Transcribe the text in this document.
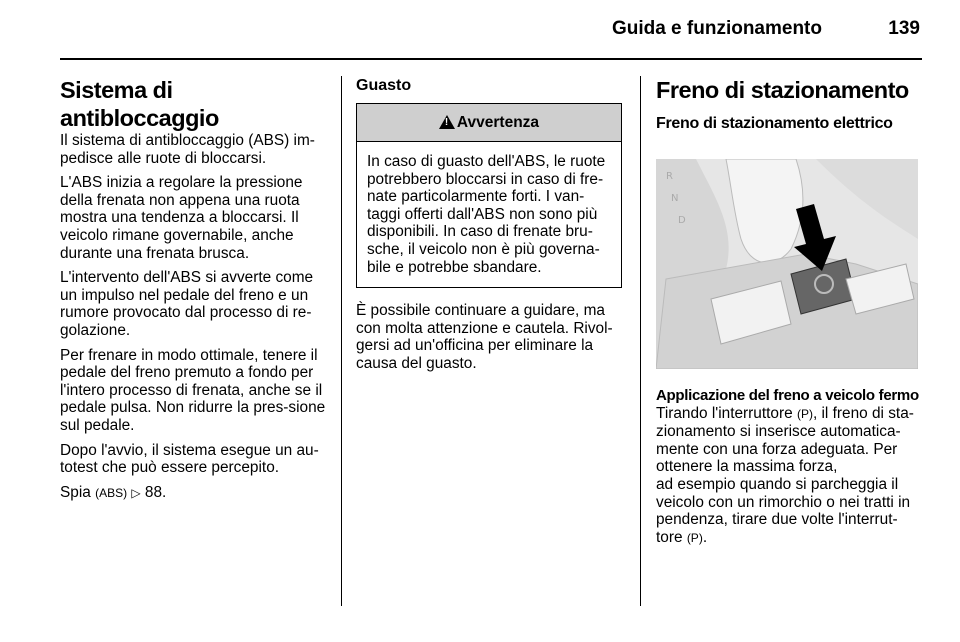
Guida e funzionamento	139
Sistema di antibloccaggio

Il sistema di antibloccaggio (ABS) im-pedisce alle ruote di bloccarsi.

L'ABS inizia a regolare la pressione della frenata non appena una ruota mostra una tendenza a bloccarsi. Il veicolo rimane governabile, anche durante una frenata brusca.

L'intervento dell'ABS si avverte come un impulso nel pedale del freno e un rumore provocato dal processo di re-golazione.

Per frenare in modo ottimale, tenere il pedale del freno premuto a fondo per l'intero processo di frenata, anche se il pedale pulsa. Non ridurre la pres-sione sul pedale.

Dopo l'avvio, il sistema esegue un au-totest che può essere percepito.

Spia (ABS) ▷ 88.

Guasto
!
Avvertenza
In caso di guasto dell'ABS, le ruote potrebbero bloccarsi in caso di fre-nate particolarmente forti. I van-taggi offerti dall'ABS non sono più disponibili. In caso di frenate bru-sche, il veicolo non è più governa-bile e potrebbe sbandare.

È possibile continuare a guidare, ma con molta attenzione e cautela. Rivol-gersi ad un'officina per eliminare la causa del guasto.

Freno di stazionamento
Freno di stazionamento elettrico
R
N
D
Applicazione del freno a veicolo fermo

Tirando l'interruttore (P), il freno di sta-zionamento si inserisce automatica-mente con una forza adeguata. Per ottenere la massima forza,
ad esempio quando si parcheggia il veicolo con un rimorchio o nei tratti in pendenza, tirare due volte l'interrut-tore (P).
